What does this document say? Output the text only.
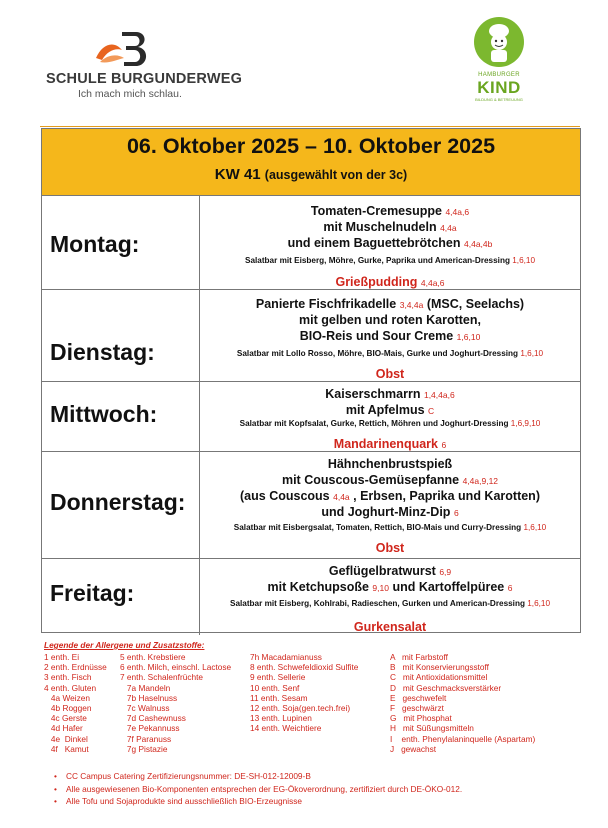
SCHULE BURGUNDERWEG
Ich mach mich schlau.
HAMBURGER
KIND
BILDUNG & BETREUUNG
06. Oktober 2025 – 10. Oktober 2025
KW 41 (ausgewählt von der 3c)
Montag:
Tomaten-Cremesuppe 4,4a,6
mit Muschelnudeln 4,4a
und einem Baguettebrötchen 4,4a,4b
Salatbar mit Eisberg, Möhre, Gurke, Paprika und American-Dressing 1,6,10
Grießpudding 4,4a,6
Dienstag:
Panierte Fischfrikadelle 3,4,4a (MSC, Seelachs)
mit gelben und roten Karotten,
BIO-Reis und Sour Creme 1,6,10
Salatbar mit Lollo Rosso, Möhre, BIO-Mais, Gurke und Joghurt-Dressing 1,6,10
Obst
Mittwoch:
Kaiserschmarrn 1,4,4a,6
mit Apfelmus C
Salatbar mit Kopfsalat, Gurke, Rettich, Möhren und Joghurt-Dressing 1,6,9,10
Mandarinenquark 6
Donnerstag:
Hähnchenbrustspieß
mit Couscous-Gemüsepfanne 4,4a,9,12
(aus Couscous 4,4a , Erbsen, Paprika und Karotten)
und Joghurt-Minz-Dip 6
Salatbar mit Eisbergsalat, Tomaten, Rettich, BIO-Mais und Curry-Dressing 1,6,10
Obst
Freitag:
Geflügelbratwurst 6,9
mit Ketchupsoße 9,10 und Kartoffelpüree 6
Salatbar mit Eisberg, Kohlrabi, Radieschen, Gurken und American-Dressing 1,6,10
Gurkensalat
Legende der Allergene und Zusatzstoffe:
1 enth. Ei
2 enth. Erdnüsse
3 enth. Fisch
4 enth. Gluten
4a Weizen
4b Roggen
4c Gerste
4d Hafer
4e  Dinkel
4f   Kamut
5 enth. Krebstiere
6 enth. Milch, einschl. Lactose
7 enth. Schalenfrüchte
7a Mandeln
7b Haselnuss
7c Walnuss
7d Cashewnuss
7e Pekannuss
7f Paranuss
7g Pistazie
7h Macadamianuss
8 enth. Schwefeldioxid Sulfite
9 enth. Sellerie
10 enth. Senf
11 enth. Sesam
12 enth. Soja(gen.tech.frei)
13 enth. Lupinen
14 enth. Weichtiere
A   mit Farbstoff
B   mit Konservierungsstoff
C   mit Antioxidationsmittel
D   mit Geschmacksverstärker
E   geschwefelt
F   geschwärzt
G   mit Phosphat
H   mit Süßungsmitteln
I    enth. Phenylalaninquelle (Aspartam)
J   gewachst
• CC Campus Catering Zertifizierungsnummer: DE-SH-012-12009-B
• Alle ausgewiesenen Bio-Komponenten entsprechen der EG-Ökoverordnung, zertifiziert durch DE-ÖKO-012.
• Alle Tofu und Sojaprodukte sind ausschließlich BIO-Erzeugnisse
